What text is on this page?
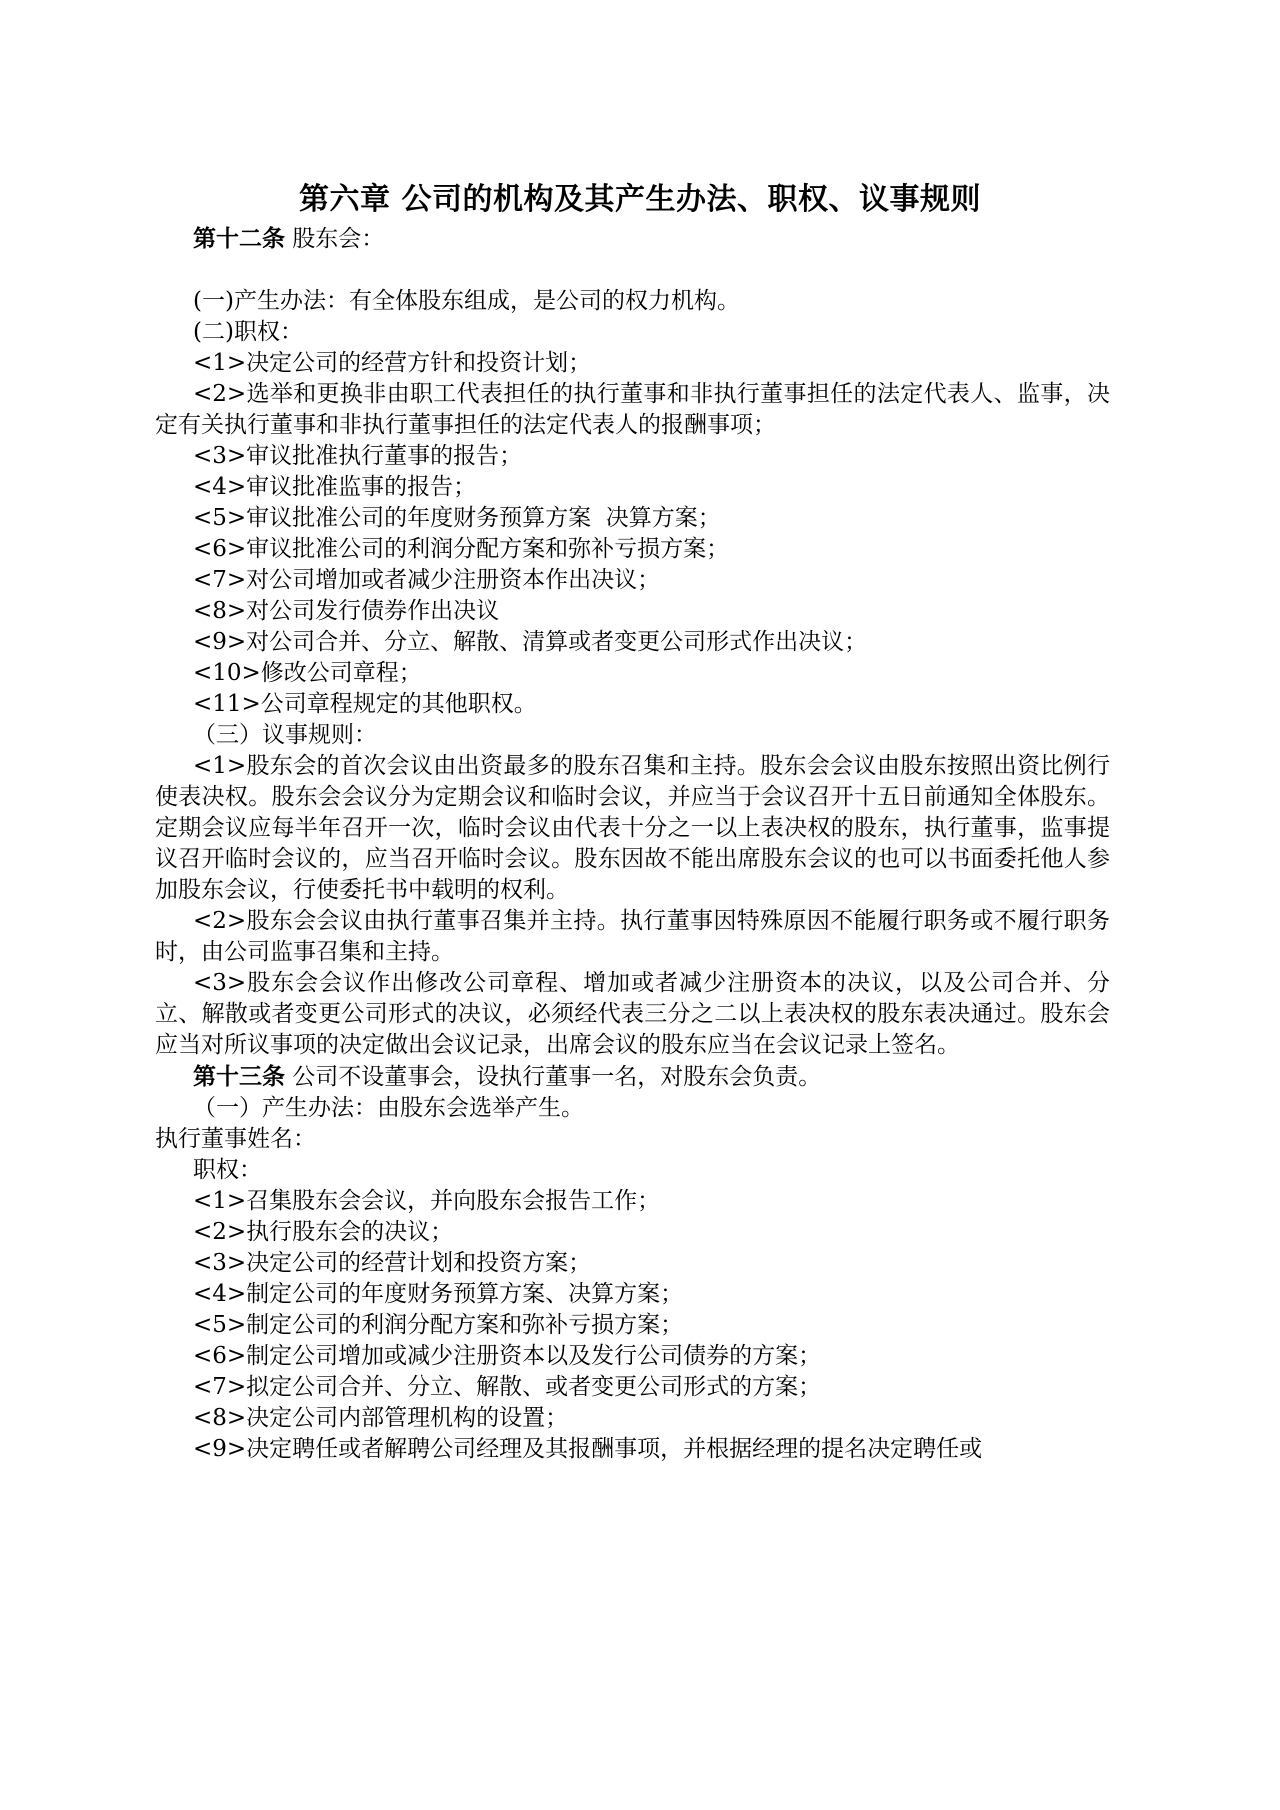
第六章 公司的机构及其产生办法、职权、议事规则

第十二条 股东会：

(一)产生办法：有全体股东组成，是公司的权力机构。

(二)职权：

<1>决定公司的经营方针和投资计划；

<2>选举和更换非由职工代表担任的执行董事和非执行董事担任的法定代表人、监事，决定有关执行董事和非执行董事担任的法定代表人的报酬事项；

<3>审议批准执行董事的报告；

<4>审议批准监事的报告；

<5>审议批准公司的年度财务预算方案  决算方案；

<6>审议批准公司的利润分配方案和弥补亏损方案；

<7>对公司增加或者减少注册资本作出决议；

<8>对公司发行债券作出决议

<9>对公司合并、分立、解散、清算或者变更公司形式作出决议；

<10>修改公司章程；

<11>公司章程规定的其他职权。

（三）议事规则：

<1>股东会的首次会议由出资最多的股东召集和主持。股东会会议由股东按照出资比例行使表决权。股东会会议分为定期会议和临时会议，并应当于会议召开十五日前通知全体股东。定期会议应每半年召开一次，临时会议由代表十分之一以上表决权的股东，执行董事，监事提议召开临时会议的，应当召开临时会议。股东因故不能出席股东会议的也可以书面委托他人参加股东会议，行使委托书中载明的权利。

<2>股东会会议由执行董事召集并主持。执行董事因特殊原因不能履行职务或不履行职务时，由公司监事召集和主持。

<3>股东会会议作出修改公司章程、增加或者减少注册资本的决议，以及公司合并、分立、解散或者变更公司形式的决议，必须经代表三分之二以上表决权的股东表决通过。股东会应当对所议事项的决定做出会议记录，出席会议的股东应当在会议记录上签名。

第十三条 公司不设董事会，设执行董事一名，对股东会负责。

（一）产生办法：由股东会选举产生。

执行董事姓名：

职权：

<1>召集股东会会议，并向股东会报告工作；

<2>执行股东会的决议；

<3>决定公司的经营计划和投资方案；

<4>制定公司的年度财务预算方案、决算方案；

<5>制定公司的利润分配方案和弥补亏损方案；

<6>制定公司增加或减少注册资本以及发行公司债券的方案；

<7>拟定公司合并、分立、解散、或者变更公司形式的方案；

<8>决定公司内部管理机构的设置；

<9>决定聘任或者解聘公司经理及其报酬事项，并根据经理的提名决定聘任或
